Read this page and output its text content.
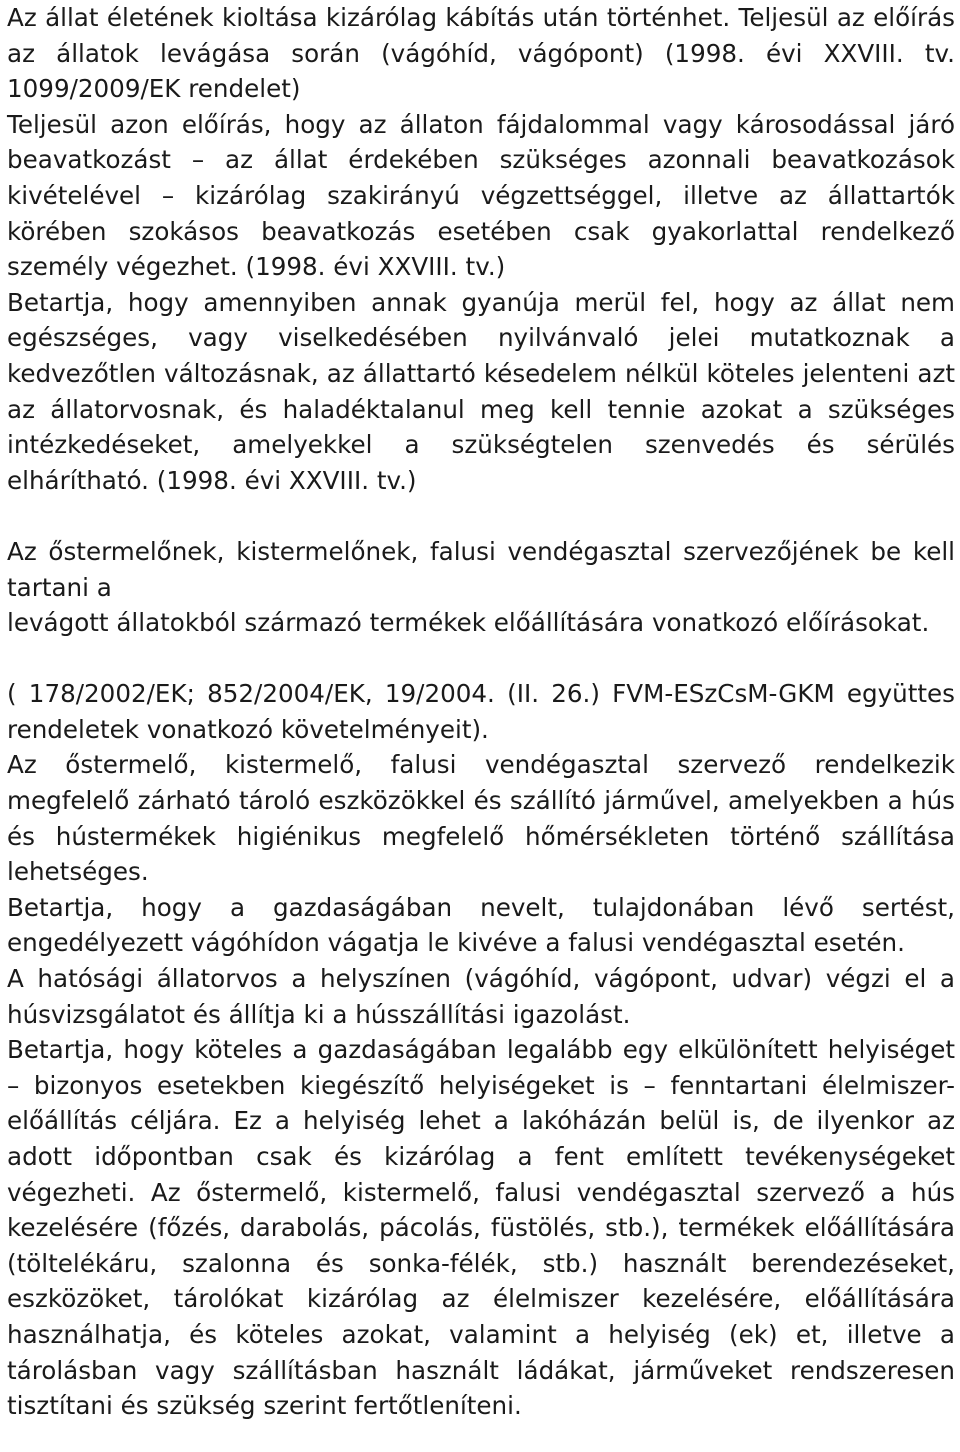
Az állat életének kioltása kizárólag kábítás után történhet. Teljesül az előírás az állatok levágása során (vágóhíd, vágópont) (1998. évi XXVIII. tv. 1099/2009/EK rendelet)

Teljesül azon előírás, hogy az állaton fájdalommal vagy károsodással járó beavatkozást – az állat érdekében szükséges azonnali beavatkozások kivételével – kizárólag szakirányú végzettséggel, illetve az állattartók körében szokásos beavatkozás esetében csak gyakorlattal rendelkező személy végezhet. (1998. évi XXVIII. tv.)

Betartja, hogy amennyiben annak gyanúja merül fel, hogy az állat nem egészséges, vagy viselkedésében nyilvánvaló jelei mutatkoznak a kedvezőtlen változásnak, az állattartó késedelem nélkül köteles jelenteni azt az állatorvosnak, és haladéktalanul meg kell tennie azokat a szükséges intézkedéseket, amelyekkel a szükségtelen szenvedés és sérülés elhárítható. (1998. évi XXVIII. tv.)

Az őstermelőnek, kistermelőnek, falusi vendégasztal szervezőjének be kell tartani a

levágott állatokból származó termékek előállítására vonatkozó előírásokat.

( 178/2002/EK; 852/2004/EK, 19/2004. (II. 26.) FVM-ESzCsM-GKM együttes rendeletek vonatkozó követelményeit).

Az őstermelő, kistermelő, falusi vendégasztal szervező rendelkezik megfelelő zárható tároló eszközökkel és szállító járművel, amelyekben a hús és hústermékek higiénikus megfelelő hőmérsékleten történő szállítása lehetséges.

Betartja, hogy a gazdaságában nevelt, tulajdonában lévő sertést, engedélyezett vágóhídon vágatja le kivéve a falusi vendégasztal esetén.

A hatósági állatorvos a helyszínen (vágóhíd, vágópont, udvar) végzi el a húsvizsgálatot és állítja ki a hússzállítási igazolást.

Betartja, hogy köteles a gazdaságában legalább egy elkülönített helyiséget – bizonyos esetekben kiegészítő helyiségeket is – fenntartani élelmiszer-előállítás céljára. Ez a helyiség lehet a lakóházán belül is, de ilyenkor az adott időpontban csak és kizárólag a fent említett tevékenységeket végezheti. Az őstermelő, kistermelő, falusi vendégasztal szervező a hús kezelésére (főzés, darabolás, pácolás, füstölés, stb.), termékek előállítására (töltelékáru, szalonna és sonka-félék, stb.) használt berendezéseket, eszközöket, tárolókat kizárólag az élelmiszer kezelésére, előállítására használhatja, és köteles azokat, valamint a helyiség (ek) et, illetve a tárolásban vagy szállításban használt ládákat, járműveket rendszeresen tisztítani és szükség szerint fertőtleníteni.
